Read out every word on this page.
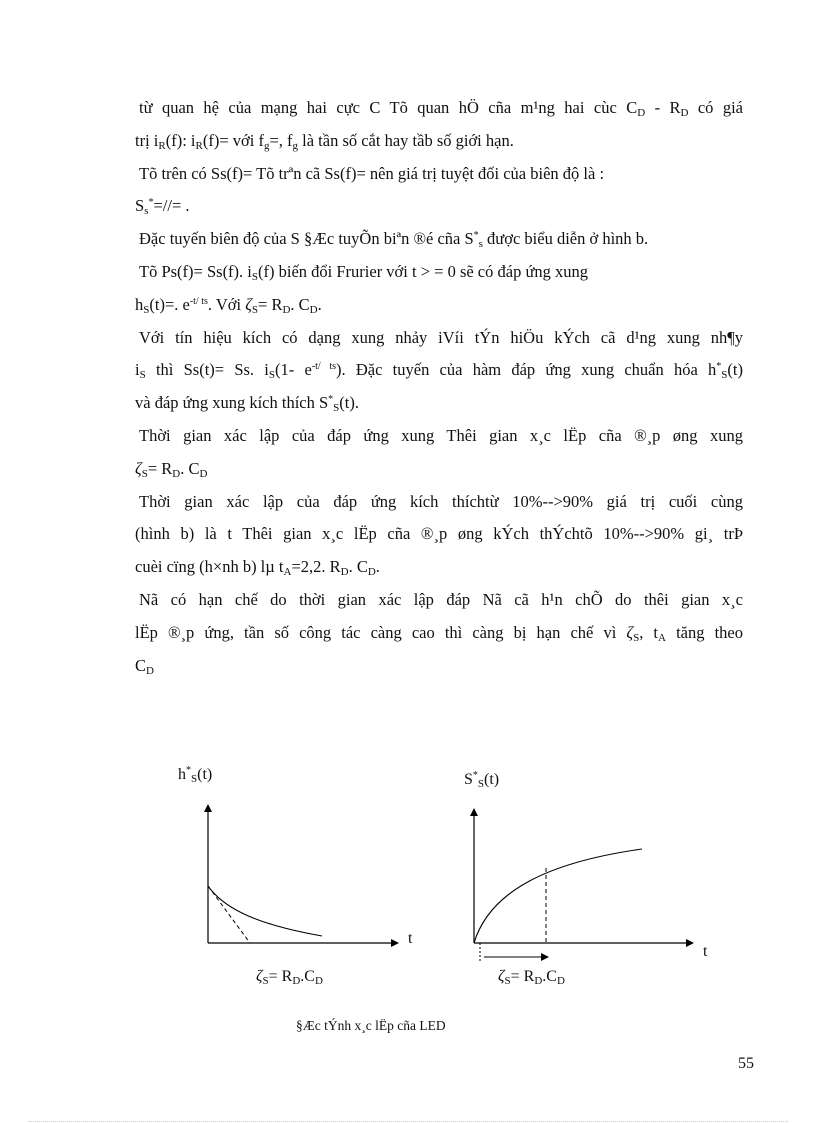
từ quan hệ của mạng hai cực C Tõ quan hÖ cña m¹ng hai cùc $C_D - R_D$ có giá
trị $i_R(f)$: $i_R(f)=$ với $f_g=$, $f_g$ là tần số cắt hay tầb số giới hạn.
Tõ trên có Ss(f)= Tõ trªn cã Ss(f)= nên giá trị tuyệt đối của biên độ là :
$S_s^*=//=$ .
Đặc tuyến biên độ của S §Æc tuyÕn biªn ®é cña $S^*_s$ được biểu diễn ở hình b.
Tõ Ps(f)= Ss(f). $i_S(f)$ biến đổi Frurier với t > = 0 sẽ có đáp ứng xung
$h_S(t)=$. $e^{-t/ ts}$. Với $\zeta_S= R_D$. $C_D$.
Với tín hiệu kích có dạng xung nhảy iVíi tÝn hiÖu kÝch cã d¹ng xung nh¶y
$i_S$ thì Ss(t)= Ss. $i_S(1-$ $e^{-t/ ts}$). Đặc tuyến của hàm đáp ứng xung chuẩn hóa $h^*_S(t)$
và đáp ứng xung kích thích $S^*_S(t)$.
Thời gian xác lập của đáp ứng xung Thêi gian x¸c lËp cña ®¸p øng xung
$\zeta_S= R_D$. $C_D$
Thời gian xác lập của đáp ứng kích thíchtừ 10%-->90% giá trị cuối cùng
(hình b) là t Thêi gian x¸c lËp cña ®¸p øng kÝch thÝchtõ 10%-->90% gi¸ trÞ
cuèi cïng (h×nh b) lµ $t_A=2,2$. $R_D$. $C_D$.
Nã có hạn chế do thời gian xác lập đáp Nã cã h¹n chÕ do thêi gian x¸c
lËp ®¸p ứng, tần số công tác càng cao thì càng bị hạn chế vì $\zeta_S$, $t_A$ tăng theo
$C_D$
$h^*_S(t)$
t
$\zeta_S= R_D.C_D$
$S^*_S(t)$
t
$\zeta_S= R_D.C_D$
§Æc tÝnh x¸c lËp cña LED
55
